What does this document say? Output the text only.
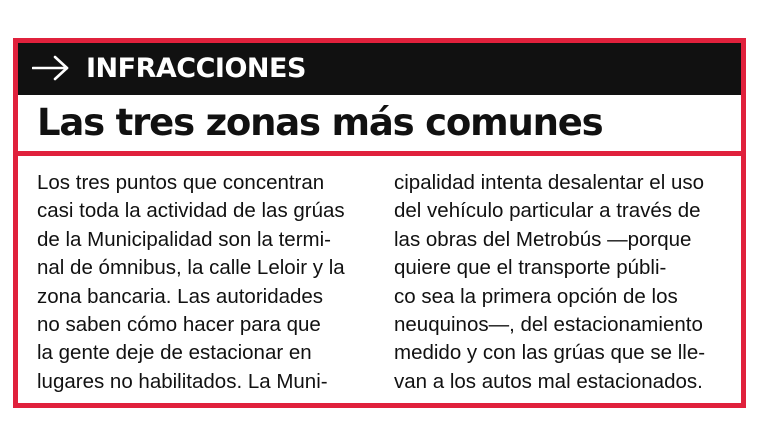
INFRACCIONES
Las tres zonas más comunes
Los tres puntos que concentran
casi toda la actividad de las grúas
de la Municipalidad son la termi-
nal de ómnibus, la calle Leloir y la
zona bancaria. Las autoridades
no saben cómo hacer para que
la gente deje de estacionar en
lugares no habilitados. La Muni-
cipalidad intenta desalentar el uso
del vehículo particular a través de
las obras del Metrobús —porque
quiere que el transporte públi-
co sea la primera opción de los
neuquinos—, del estacionamiento
medido y con las grúas que se lle-
van a los autos mal estacionados.
